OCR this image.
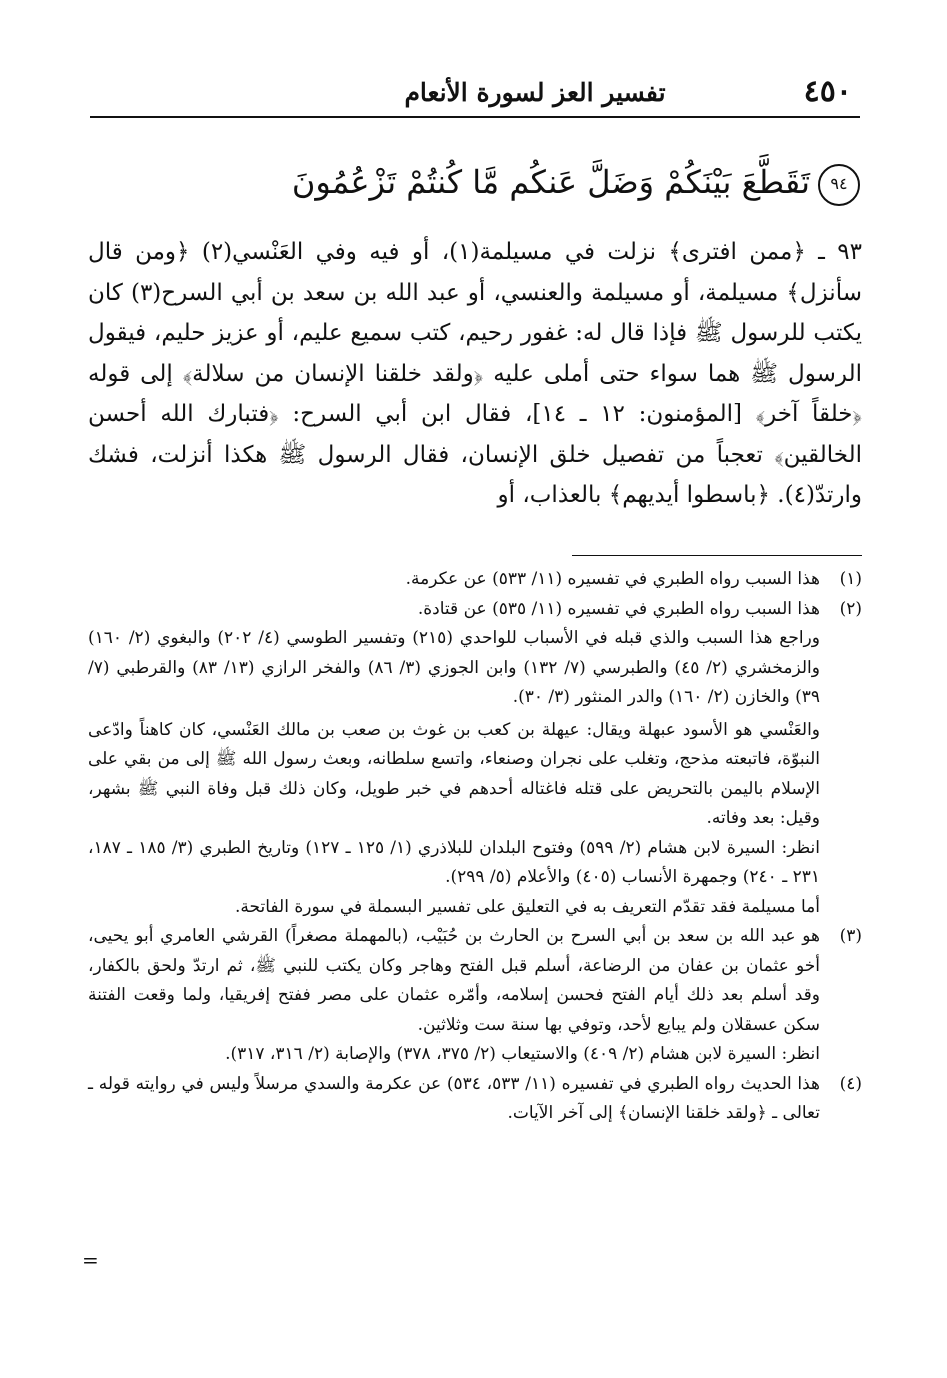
٤٥٠
تفسير العز لسورة الأنعام
٩٤تَقَطَّعَ بَيْنَكُمْ وَضَلَّ عَنكُم مَّا كُنتُمْ تَزْعُمُونَ

٩٣ ـ ﴿ممن افترى﴾ نزلت في مسيلمة(١)، أو فيه وفي العَنْسي(٢) ﴿ومن قال سأنزل﴾ مسيلمة، أو مسيلمة والعنسي، أو عبد الله بن سعد بن أبي السرح(٣) كان يكتب للرسول ﷺ فإذا قال له: غفور رحيم، كتب سميع عليم، أو عزيز حليم، فيقول الرسول ﷺ هما سواء حتى أملى عليه ﴿ولقد خلقنا الإنسان من سلالة﴾ إلى قوله ﴿خلقاً آخر﴾ [المؤمنون: ١٢ ـ ١٤]، فقال ابن أبي السرح: ﴿فتبارك الله أحسن الخالقين﴾ تعجباً من تفصيل خلق الإنسان، فقال الرسول ﷺ هكذا أنزلت، فشك وارتدّ(٤). ﴿باسطوا أيديهم﴾ بالعذاب، أو

(١)

هذا السبب رواه الطبري في تفسيره (١١/ ٥٣٣) عن عكرمة.

(٢)

هذا السبب رواه الطبري في تفسيره (١١/ ٥٣٥) عن قتادة.

وراجع هذا السبب والذي قبله في الأسباب للواحدي (٢١٥) وتفسير الطوسي (٤/ ٢٠٢) والبغوي (٢/ ١٦٠) والزمخشري (٢/ ٤٥) والطبرسي (٧/ ١٣٢) وابن الجوزي (٣/ ٨٦) والفخر الرازي (١٣/ ٨٣) والقرطبي (٧/ ٣٩) والخازن (٢/ ١٦٠) والدر المنثور (٣/ ٣٠).

والعَنْسي هو الأسود عبهلة ويقال: عيهلة بن كعب بن غوث بن صعب بن مالك العَنْسي، كان كاهناً وادّعى النبوّة، فاتبعته مذحج، وتغلب على نجران وصنعاء، واتسع سلطانه، وبعث رسول الله ﷺ إلى من بقي على الإسلام باليمن بالتحريض على قتله فاغتاله أحدهم في خبر طويل، وكان ذلك قبل وفاة النبي ﷺ بشهر، وقيل: بعد وفاته.

انظر: السيرة لابن هشام (٢/ ٥٩٩) وفتوح البلدان للبلاذري (١/ ١٢٥ ـ ١٢٧) وتاريخ الطبري (٣/ ١٨٥ ـ ١٨٧، ٢٣١ ـ ٢٤٠) وجمهرة الأنساب (٤٠٥) والأعلام (٥/ ٢٩٩).

أما مسيلمة فقد تقدّم التعريف به في التعليق على تفسير البسملة في سورة الفاتحة.

(٣)

هو عبد الله بن سعد بن أبي السرح بن الحارث بن حُبَيْب، (بالمهملة مصغراً) القرشي العامري أبو يحيى، أخو عثمان بن عفان من الرضاعة، أسلم قبل الفتح وهاجر وكان يكتب للنبي ﷺ، ثم ارتدّ ولحق بالكفار، وقد أسلم بعد ذلك أيام الفتح فحسن إسلامه، وأمّره عثمان على مصر ففتح إفريقيا، ولما وقعت الفتنة سكن عسقلان ولم يبايع لأحد، وتوفي بها سنة ست وثلاثين.

انظر: السيرة لابن هشام (٢/ ٤٠٩) والاستيعاب (٢/ ٣٧٥، ٣٧٨) والإصابة (٢/ ٣١٦، ٣١٧).

(٤)

هذا الحديث رواه الطبري في تفسيره (١١/ ٥٣٣، ٥٣٤) عن عكرمة والسدي مرسلاً وليس في روايته قوله ـ تعالى ـ ﴿ولقد خلقنا الإنسان﴾ إلى آخر الآيات.

=
